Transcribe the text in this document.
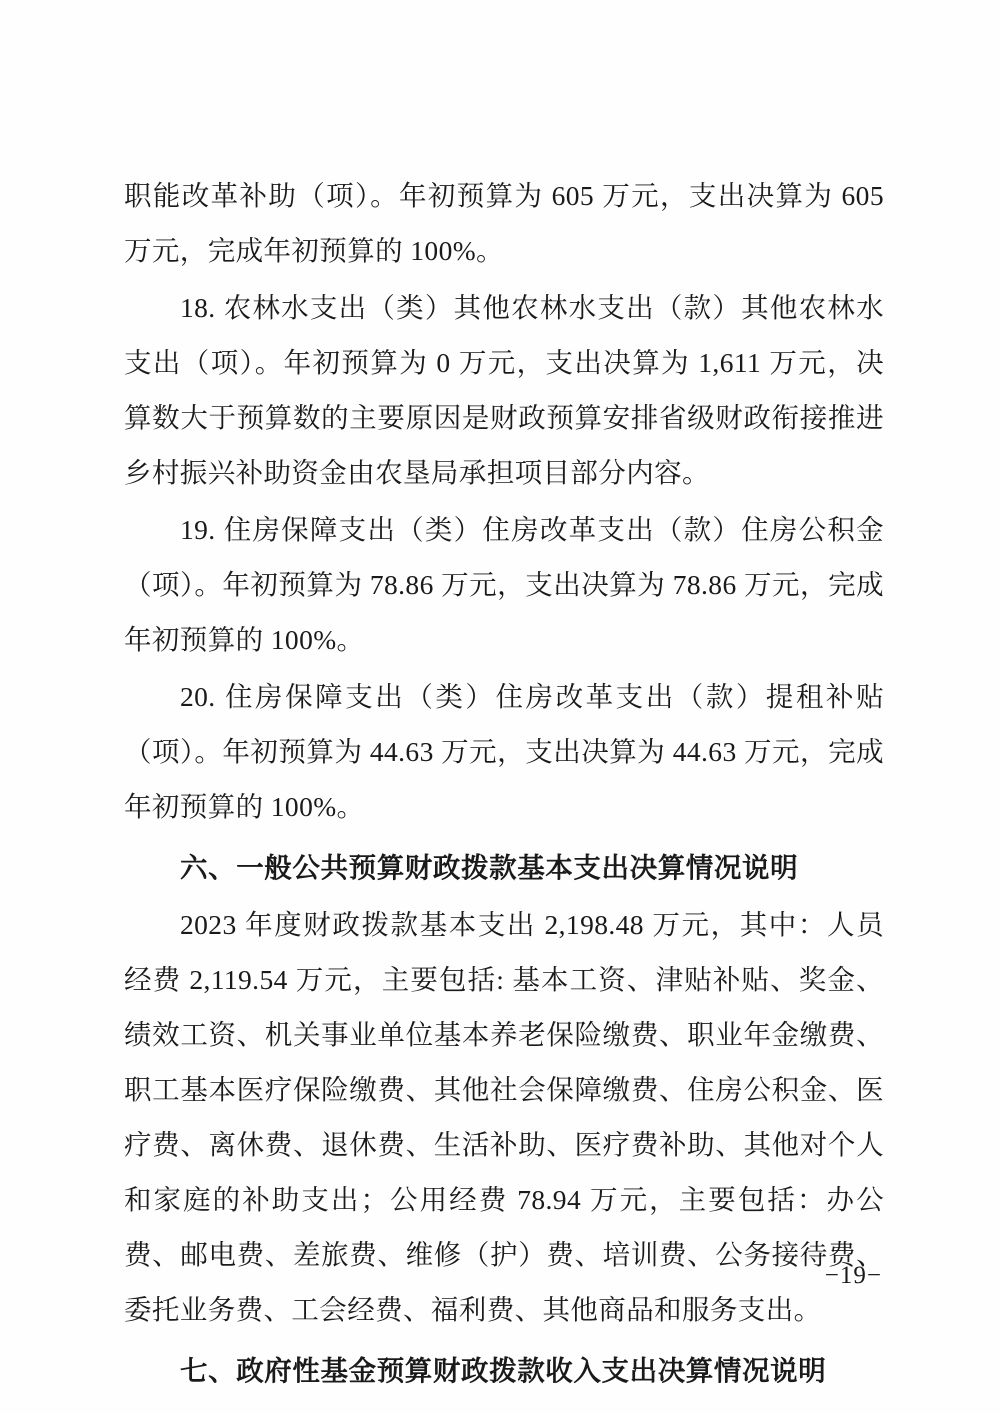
职能改革补助（项）。年初预算为 605 万元，支出决算为 605 万元，完成年初预算的 100%。

18. 农林水支出（类）其他农林水支出（款）其他农林水支出（项）。年初预算为 0 万元，支出决算为 1,611 万元，决算数大于预算数的主要原因是财政预算安排省级财政衔接推进乡村振兴补助资金由农垦局承担项目部分内容。

19. 住房保障支出（类）住房改革支出（款）住房公积金（项）。年初预算为 78.86 万元，支出决算为 78.86 万元，完成年初预算的 100%。

20. 住房保障支出（类）住房改革支出（款）提租补贴（项）。年初预算为 44.63 万元，支出决算为 44.63 万元，完成年初预算的 100%。

六、一般公共预算财政拨款基本支出决算情况说明

2023 年度财政拨款基本支出 2,198.48 万元，其中：人员经费 2,119.54 万元，主要包括: 基本工资、津贴补贴、奖金、绩效工资、机关事业单位基本养老保险缴费、职业年金缴费、职工基本医疗保险缴费、其他社会保障缴费、住房公积金、医疗费、离休费、退休费、生活补助、医疗费补助、其他对个人和家庭的补助支出；公用经费 78.94 万元，主要包括：办公费、邮电费、差旅费、维修（护）费、培训费、公务接待费、委托业务费、工会经费、福利费、其他商品和服务支出。

七、政府性基金预算财政拨款收入支出决算情况说明
−19−
